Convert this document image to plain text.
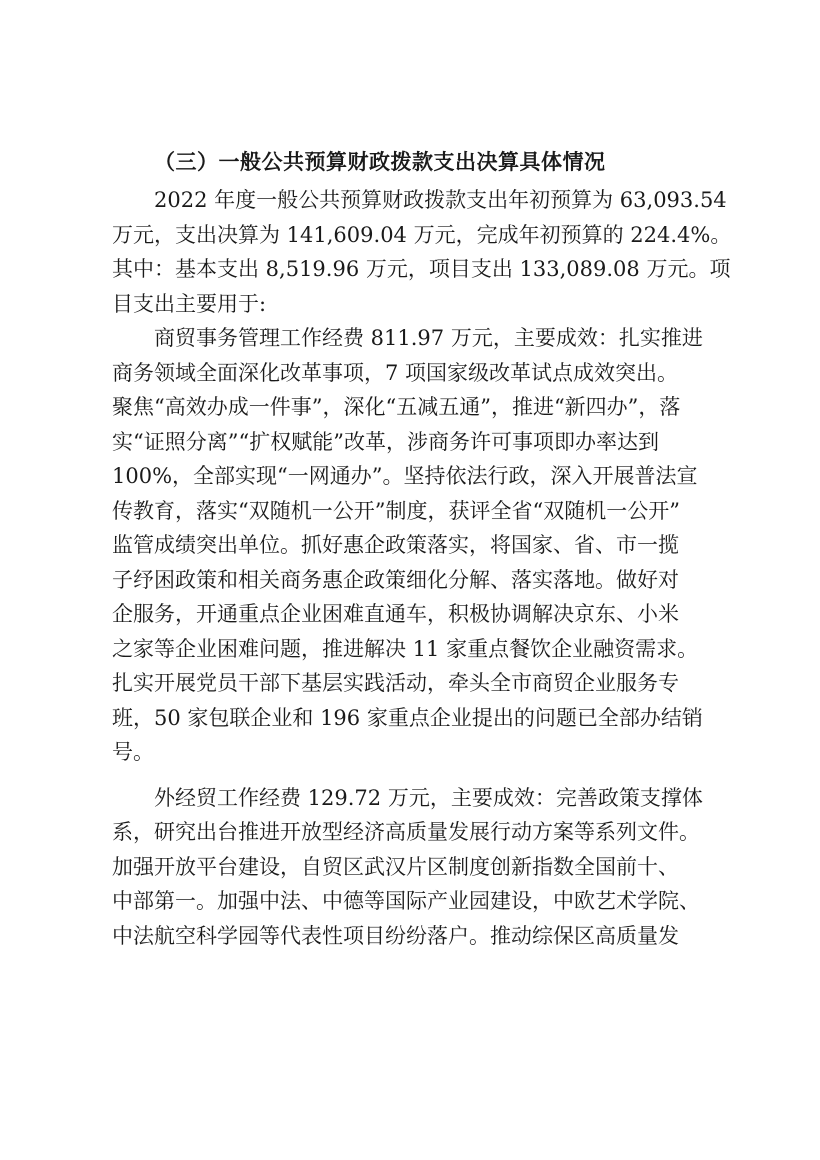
（三）一般公共预算财政拨款支出决算具体情况

2022 年度一般公共预算财政拨款支出年初预算为 63,093.54
万元，支出决算为 141,609.04 万元，完成年初预算的 224.4%。
其中：基本支出 8,519.96 万元，项目支出 133,089.08 万元。项
目支出主要用于:

商贸事务管理工作经费 811.97 万元，主要成效：扎实推进
商务领域全面深化改革事项，7 项国家级改革试点成效突出。
聚焦“高效办成一件事”，深化“五减五通”，推进“新四办”，落
实“证照分离”“扩权赋能”改革，涉商务许可事项即办率达到
100%，全部实现“一网通办”。坚持依法行政，深入开展普法宣
传教育，落实“双随机一公开”制度，获评全省“双随机一公开”
监管成绩突出单位。抓好惠企政策落实，将国家、省、市一揽
子纾困政策和相关商务惠企政策细化分解、落实落地。做好对
企服务，开通重点企业困难直通车，积极协调解决京东、小米
之家等企业困难问题，推进解决 11 家重点餐饮企业融资需求。
扎实开展党员干部下基层实践活动，牵头全市商贸企业服务专
班，50 家包联企业和 196 家重点企业提出的问题已全部办结销
号。

外经贸工作经费 129.72 万元，主要成效：完善政策支撑体
系，研究出台推进开放型经济高质量发展行动方案等系列文件。
加强开放平台建设，自贸区武汉片区制度创新指数全国前十、
中部第一。加强中法、中德等国际产业园建设，中欧艺术学院、
中法航空科学园等代表性项目纷纷落户。推动综保区高质量发
